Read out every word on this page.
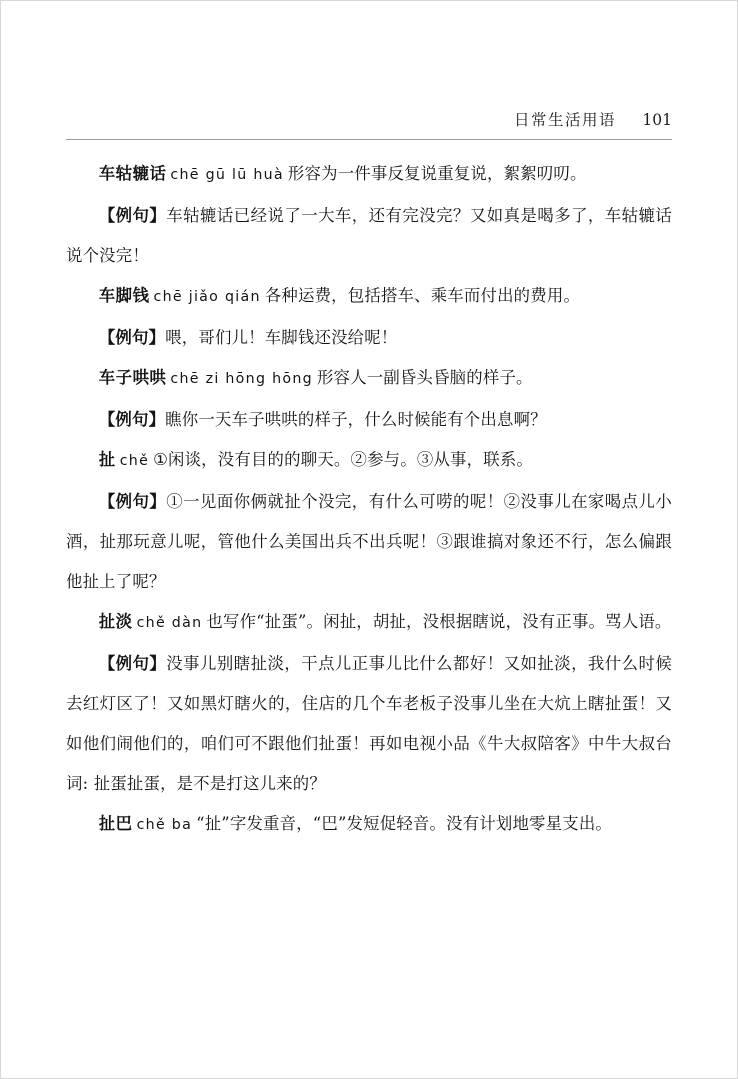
日常生活用语 101

车轱辘话 chē gū lū huà 形容为一件事反复说重复说，絮絮叨叨。

【例句】车轱辘话已经说了一大车，还有完没完？又如真是喝多了，车轱辘话说个没完！

车脚钱 chē jiǎo qián 各种运费，包括搭车、乘车而付出的费用。

【例句】喂，哥们儿！车脚钱还没给呢！

车子哄哄 chē zi hōng hōng 形容人一副昏头昏脑的样子。

【例句】瞧你一天车子哄哄的样子，什么时候能有个出息啊？

扯 chě ①闲谈，没有目的的聊天。②参与。③从事，联系。

【例句】①一见面你俩就扯个没完，有什么可唠的呢！②没事儿在家喝点儿小酒，扯那玩意儿呢，管他什么美国出兵不出兵呢！③跟谁搞对象还不行，怎么偏跟他扯上了呢？

扯淡 chě dàn 也写作“扯蛋”。闲扯，胡扯，没根据瞎说，没有正事。骂人语。

【例句】没事儿别瞎扯淡，干点儿正事儿比什么都好！又如扯淡，我什么时候去红灯区了！又如黑灯瞎火的，住店的几个车老板子没事儿坐在大炕上瞎扯蛋！又如他们闹他们的，咱们可不跟他们扯蛋！再如电视小品《牛大叔陪客》中牛大叔台词: 扯蛋扯蛋，是不是打这儿来的？

扯巴 chě ba “扯”字发重音，“巴”发短促轻音。没有计划地零星支出。
